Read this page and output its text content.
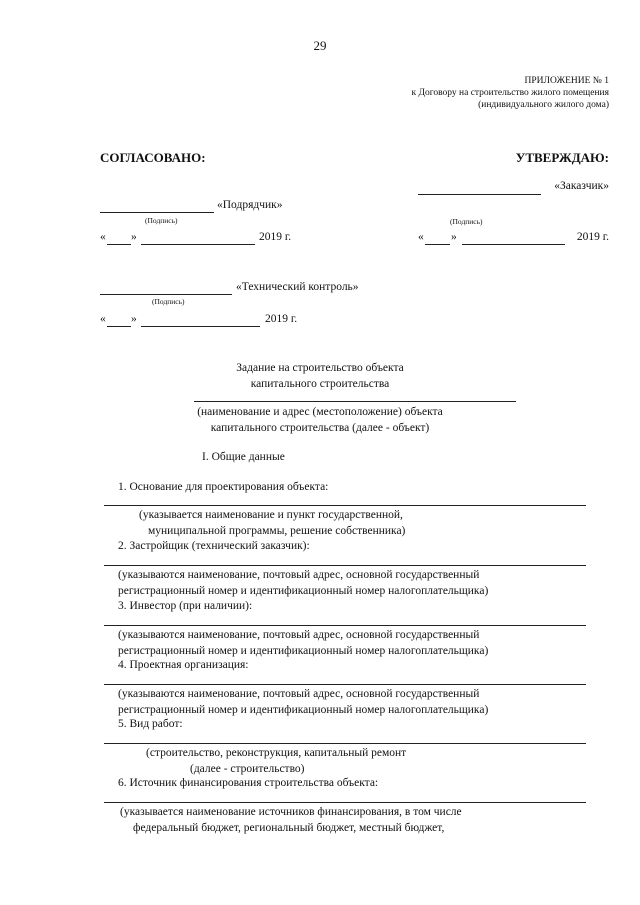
29
ПРИЛОЖЕНИЕ № 1
к Договору на строительство жилого помещения
(индивидуального жилого дома)
СОГЛАСОВАНО:	УТВЕРЖДАЮ:
«Заказчик»
(Подпись)
« »	2019 г.
«Подрядчик»
(Подпись)
« »	2019 г.
«Технический контроль»
(Подпись)
« »	2019 г.
Задание на строительство объекта
капитального строительства
(наименование и адрес (местоположение) объекта
капитального строительства (далее - объект)
I. Общие данные
1. Основание для проектирования объекта:
(указывается наименование и пункт государственной,
муниципальной программы, решение собственника)
2. Застройщик (технический заказчик):
(указываются наименование, почтовый адрес, основной государственный
регистрационный номер и идентификационный номер налогоплательщика)
3. Инвестор (при наличии):
(указываются наименование, почтовый адрес, основной государственный
регистрационный номер и идентификационный номер налогоплательщика)
4. Проектная организация:
(указываются наименование, почтовый адрес, основной государственный
регистрационный номер и идентификационный номер налогоплательщика)
5. Вид работ:
(строительство, реконструкция, капитальный ремонт
(далее - строительство)
6. Источник финансирования строительства объекта:
(указывается наименование источников финансирования, в том числе
федеральный бюджет, региональный бюджет, местный бюджет,
